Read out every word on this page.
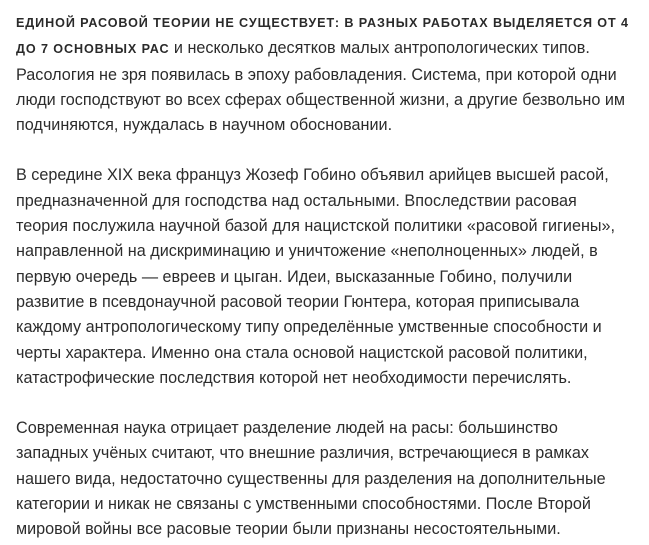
ЕДИНОЙ РАСОВОЙ ТЕОРИИ НЕ СУЩЕСТВУЕТ: В РАЗНЫХ РАБОТАХ ВЫДЕЛЯЕТСЯ ОТ 4 ДО 7 ОСНОВНЫХ РАС и несколько десятков малых антропологических типов. Расология не зря появилась в эпоху рабовладения. Система, при которой одни люди господствуют во всех сферах общественной жизни, а другие безвольно им подчиняются, нуждалась в научном обосновании.

В середине XIX века француз Жозеф Гобино объявил арийцев высшей расой, предназначенной для господства над остальными. Впоследствии расовая теория послужила научной базой для нацистской политики «расовой гигиены», направленной на дискриминацию и уничтожение «неполноценных» людей, в первую очередь — евреев и цыган. Идеи, высказанные Гобино, получили развитие в псевдонаучной расовой теории Гюнтера, которая приписывала каждому антропологическому типу определённые умственные способности и черты характера. Именно она стала основой нацистской расовой политики, катастрофические последствия которой нет необходимости перечислять.

Современная наука отрицает разделение людей на расы: большинство западных учёных считают, что внешние различия, встречающиеся в рамках нашего вида, недостаточно существенны для разделения на дополнительные категории и никак не связаны с умственными способностями. После Второй мировой войны все расовые теории были признаны несостоятельными.
